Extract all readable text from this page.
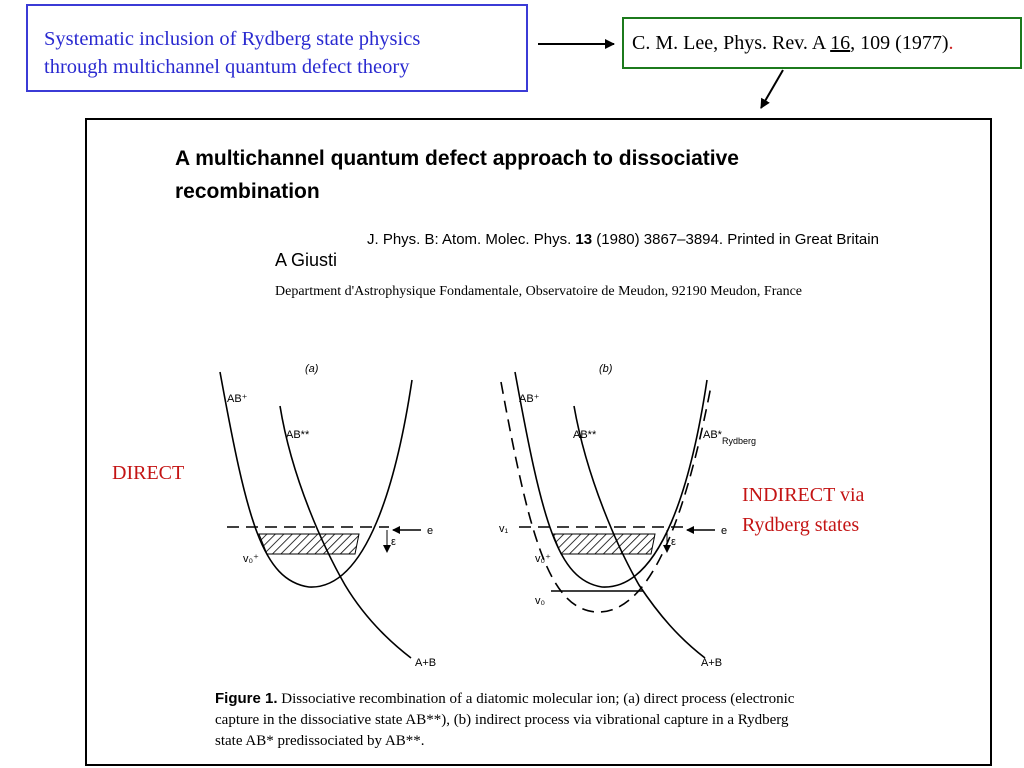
Systematic inclusion of Rydberg state physics
through multichannel quantum defect theory
C. M. Lee, Phys. Rev. A 16, 109 (1977).
A multichannel quantum defect approach to dissociative recombination
J. Phys. B: Atom. Molec. Phys. 13 (1980) 3867–3894. Printed in Great Britain
A Giusti
Department d'Astrophysique Fondamentale, Observatoire de Meudon, 92190 Meudon, France
(a)
AB⁺
AB**
v₀⁺
ε
e
A+B
(b)
AB⁺
AB**	$AB*_{Rydberg}$
v₁
v₀⁺
v₀
ε
e
A+B
Figure 1. Dissociative recombination of a diatomic molecular ion; (a) direct process (electronic capture in the dissociative state AB**), (b) indirect process via vibrational capture in a Rydberg state AB* predissociated by AB**.
DIRECT
INDIRECT via
Rydberg states
